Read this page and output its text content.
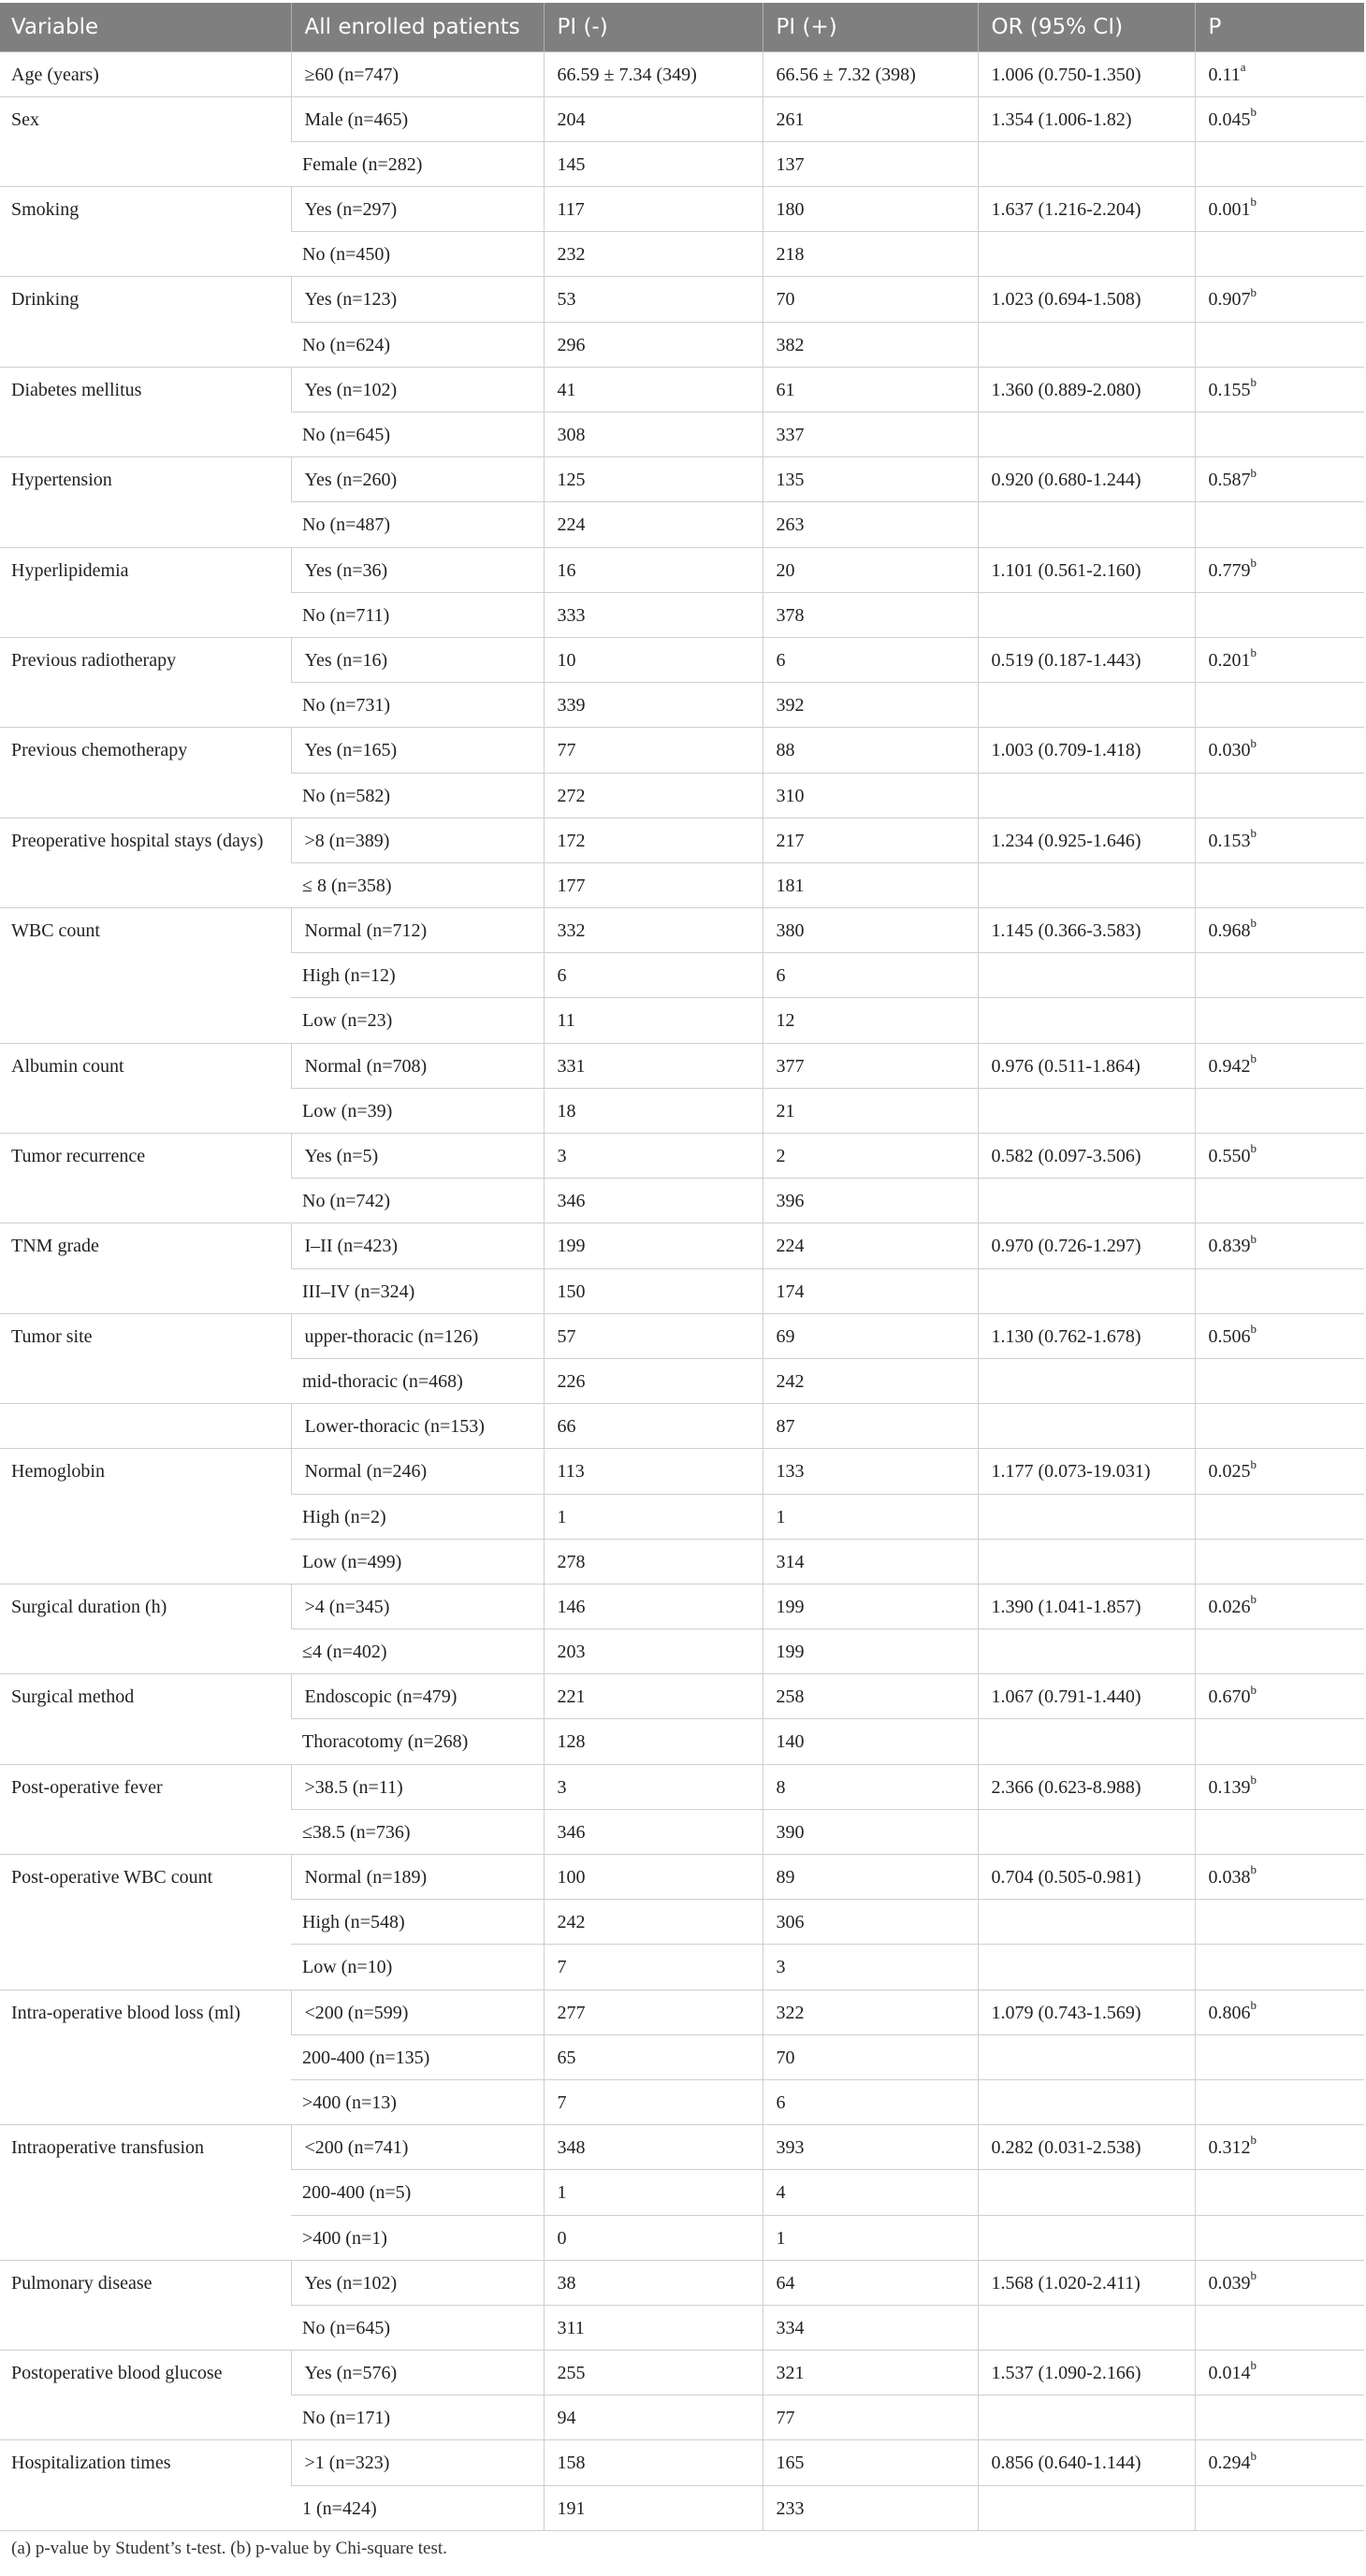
Variable	All enrolled patients	PI (-)	PI (+)	OR (95% CI)	P
Age (years)	≥60 (n=747)	66.59 ± 7.34 (349)	66.56 ± 7.32 (398)	1.006 (0.750-1.350)	0.11$^a$
Sex	Male (n=465)	204	261	1.354 (1.006-1.82)	0.045$^b$
	Female (n=282)	145	137		
Smoking	Yes (n=297)	117	180	1.637 (1.216-2.204)	0.001$^b$
	No (n=450)	232	218		
Drinking	Yes (n=123)	53	70	1.023 (0.694-1.508)	0.907$^b$
	No (n=624)	296	382		
Diabetes mellitus	Yes (n=102)	41	61	1.360 (0.889-2.080)	0.155$^b$
	No (n=645)	308	337		
Hypertension	Yes (n=260)	125	135	0.920 (0.680-1.244)	0.587$^b$
	No (n=487)	224	263		
Hyperlipidemia	Yes (n=36)	16	20	1.101 (0.561-2.160)	0.779$^b$
	No (n=711)	333	378		
Previous radiotherapy	Yes (n=16)	10	6	0.519 (0.187-1.443)	0.201$^b$
	No (n=731)	339	392		
Previous chemotherapy	Yes (n=165)	77	88	1.003 (0.709-1.418)	0.030$^b$
	No (n=582)	272	310		
Preoperative hospital stays (days)	>8 (n=389)	172	217	1.234 (0.925-1.646)	0.153$^b$
	≤ 8 (n=358)	177	181		
WBC count	Normal (n=712)	332	380	1.145 (0.366-3.583)	0.968$^b$
	High (n=12)	6	6		
	Low (n=23)	11	12		
Albumin count	Normal (n=708)	331	377	0.976 (0.511-1.864)	0.942$^b$
	Low (n=39)	18	21		
Tumor recurrence	Yes (n=5)	3	2	0.582 (0.097-3.506)	0.550$^b$
	No (n=742)	346	396		
TNM grade	I–II (n=423)	199	224	0.970 (0.726-1.297)	0.839$^b$
	III–IV (n=324)	150	174		
Tumor site	upper-thoracic (n=126)	57	69	1.130 (0.762-1.678)	0.506$^b$
	mid-thoracic (n=468)	226	242		
	Lower-thoracic (n=153)	66	87		
Hemoglobin	Normal (n=246)	113	133	1.177 (0.073-19.031)	0.025$^b$
	High (n=2)	1	1		
	Low (n=499)	278	314		
Surgical duration (h)	>4 (n=345)	146	199	1.390 (1.041-1.857)	0.026$^b$
	≤4 (n=402)	203	199		
Surgical method	Endoscopic (n=479)	221	258	1.067 (0.791-1.440)	0.670$^b$
	Thoracotomy (n=268)	128	140		
Post-operative fever	>38.5 (n=11)	3	8	2.366 (0.623-8.988)	0.139$^b$
	≤38.5 (n=736)	346	390		
Post-operative WBC count	Normal (n=189)	100	89	0.704 (0.505-0.981)	0.038$^b$
	High (n=548)	242	306		
	Low (n=10)	7	3		
Intra-operative blood loss (ml)	<200 (n=599)	277	322	1.079 (0.743-1.569)	0.806$^b$
	200-400 (n=135)	65	70		
	>400 (n=13)	7	6		
Intraoperative transfusion	<200 (n=741)	348	393	0.282 (0.031-2.538)	0.312$^b$
	200-400 (n=5)	1	4		
	>400 (n=1)	0	1		
Pulmonary disease	Yes (n=102)	38	64	1.568 (1.020-2.411)	0.039$^b$
	No (n=645)	311	334		
Postoperative blood glucose	Yes (n=576)	255	321	1.537 (1.090-2.166)	0.014$^b$
	No (n=171)	94	77		
Hospitalization times	>1 (n=323)	158	165	0.856 (0.640-1.144)	0.294$^b$
	1 (n=424)	191	233		
(a) p-value by Student’s t-test. (b) p-value by Chi-square test.
